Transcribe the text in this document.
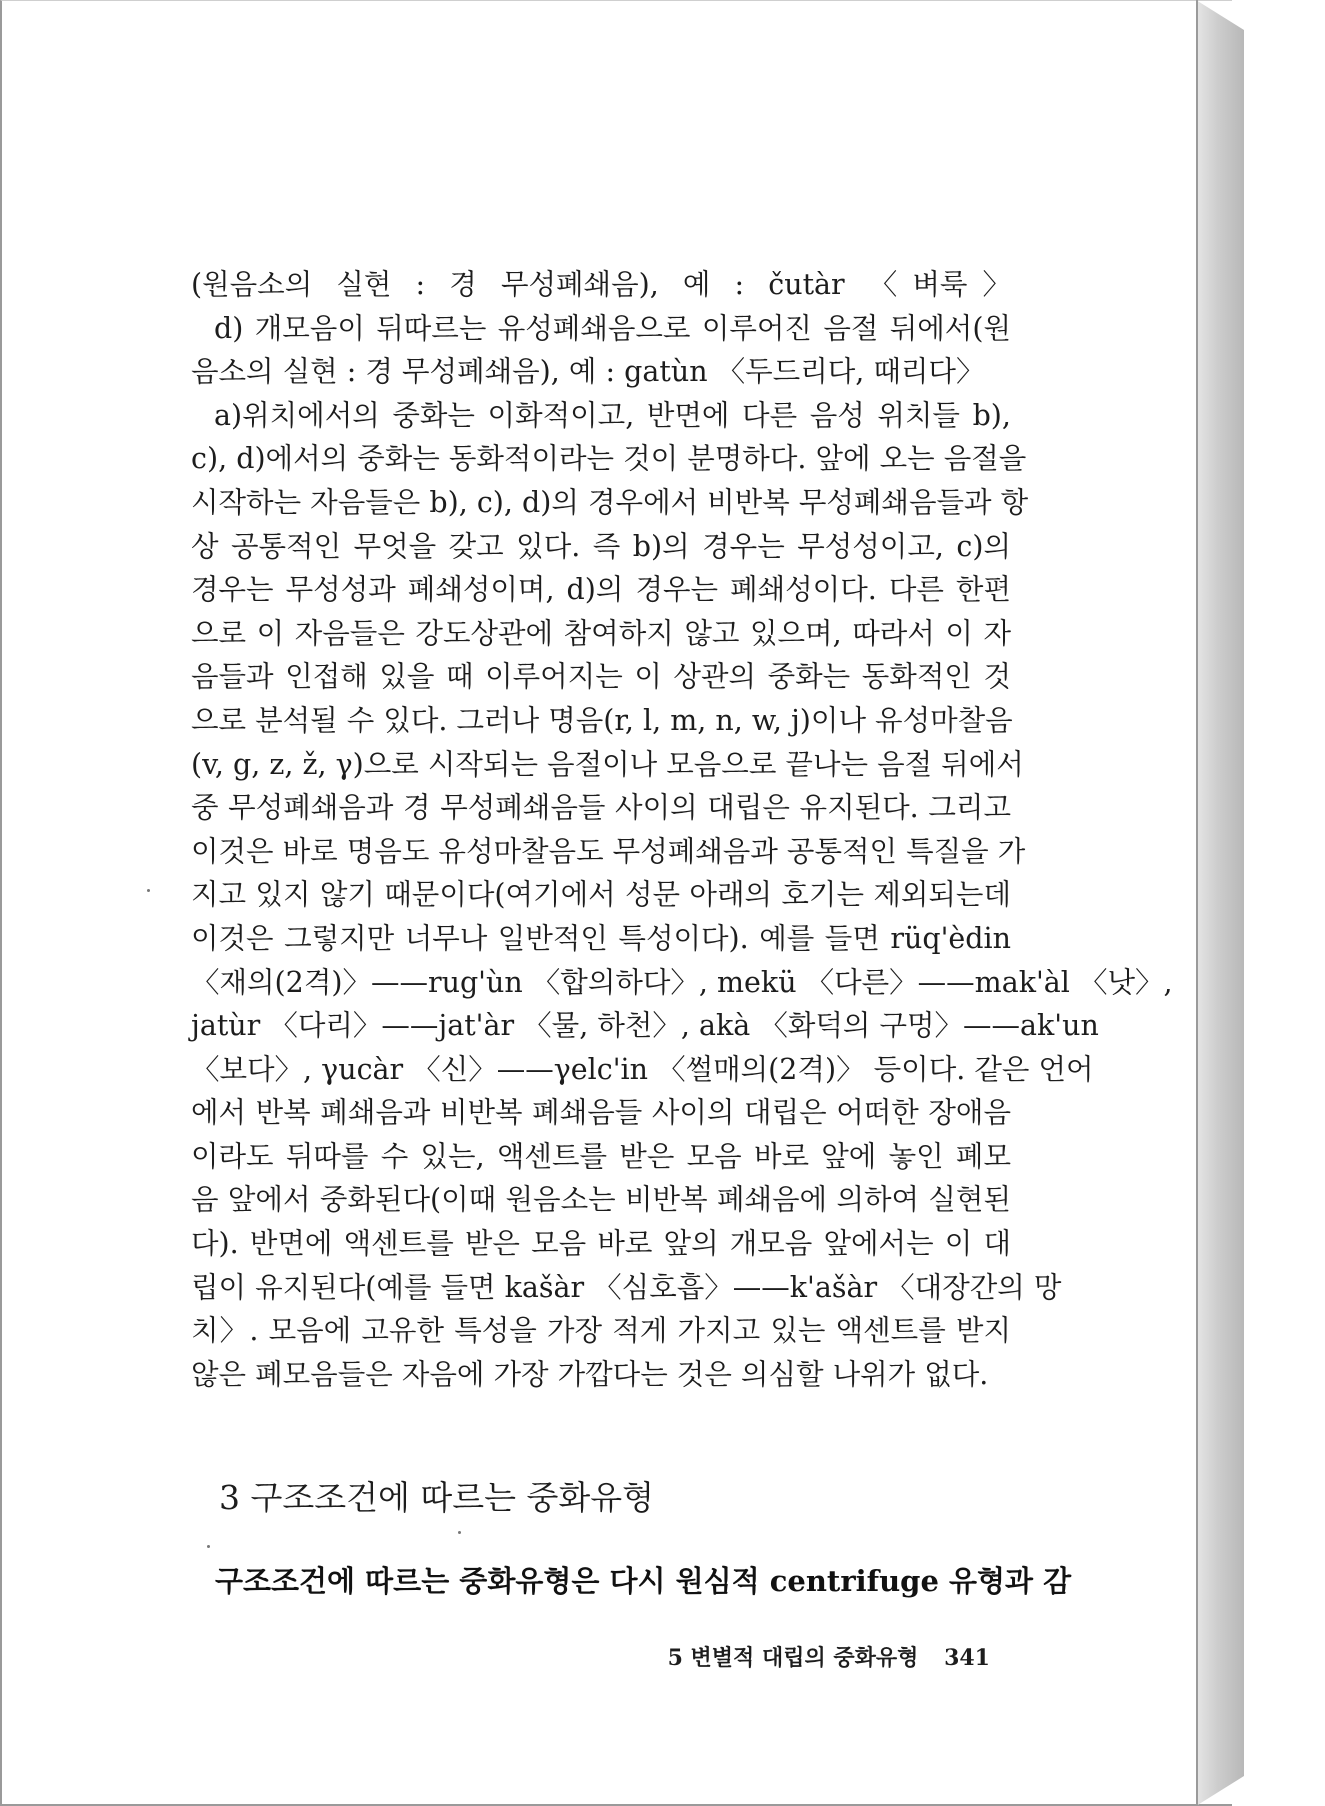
(원음소의 실현 : 경 무성폐쇄음), 예 : čutàr 〈벼룩〉
d) 개모음이 뒤따르는 유성폐쇄음으로 이루어진 음절 뒤에서(원
음소의 실현 : 경 무성폐쇄음), 예 : gatùn 〈두드리다, 때리다〉
a)위치에서의 중화는 이화적이고, 반면에 다른 음성 위치들 b),
c), d)에서의 중화는 동화적이라는 것이 분명하다. 앞에 오는 음절을
시작하는 자음들은 b), c), d)의 경우에서 비반복 무성폐쇄음들과 항
상 공통적인 무엇을 갖고 있다. 즉 b)의 경우는 무성성이고, c)의
경우는 무성성과 폐쇄성이며, d)의 경우는 폐쇄성이다. 다른 한편
으로 이 자음들은 강도상관에 참여하지 않고 있으며, 따라서 이 자
음들과 인접해 있을 때 이루어지는 이 상관의 중화는 동화적인 것
으로 분석될 수 있다. 그러나 명음(r, l, m, n, w, j)이나 유성마찰음
(v, g, z, ž, γ)으로 시작되는 음절이나 모음으로 끝나는 음절 뒤에서
중 무성폐쇄음과 경 무성폐쇄음들 사이의 대립은 유지된다. 그리고
이것은 바로 명음도 유성마찰음도 무성폐쇄음과 공통적인 특질을 가
지고 있지 않기 때문이다(여기에서 성문 아래의 호기는 제외되는데
이것은 그렇지만 너무나 일반적인 특성이다). 예를 들면 rüq'èdin
〈재의(2격)〉——rug'ùn 〈합의하다〉, mekü 〈다른〉——mak'àl 〈낫〉,
jatùr 〈다리〉——jat'àr 〈물, 하천〉, akà 〈화덕의 구멍〉——ak'un
〈보다〉, γucàr 〈신〉——γelc'in 〈썰매의(2격)〉 등이다. 같은 언어
에서 반복 폐쇄음과 비반복 폐쇄음들 사이의 대립은 어떠한 장애음
이라도 뒤따를 수 있는, 액센트를 받은 모음 바로 앞에 놓인 폐모
음 앞에서 중화된다(이때 원음소는 비반복 폐쇄음에 의하여 실현된
다). 반면에 액센트를 받은 모음 바로 앞의 개모음 앞에서는 이 대
립이 유지된다(예를 들면 kašàr 〈심호흡〉——k'ašàr 〈대장간의 망
치〉. 모음에 고유한 특성을 가장 적게 가지고 있는 액센트를 받지
않은 폐모음들은 자음에 가장 가깝다는 것은 의심할 나위가 없다.
3 구조조건에 따르는 중화유형
구조조건에 따르는 중화유형은 다시 원심적 centrifuge 유형과 감
5 변별적 대립의 중화유형 341
